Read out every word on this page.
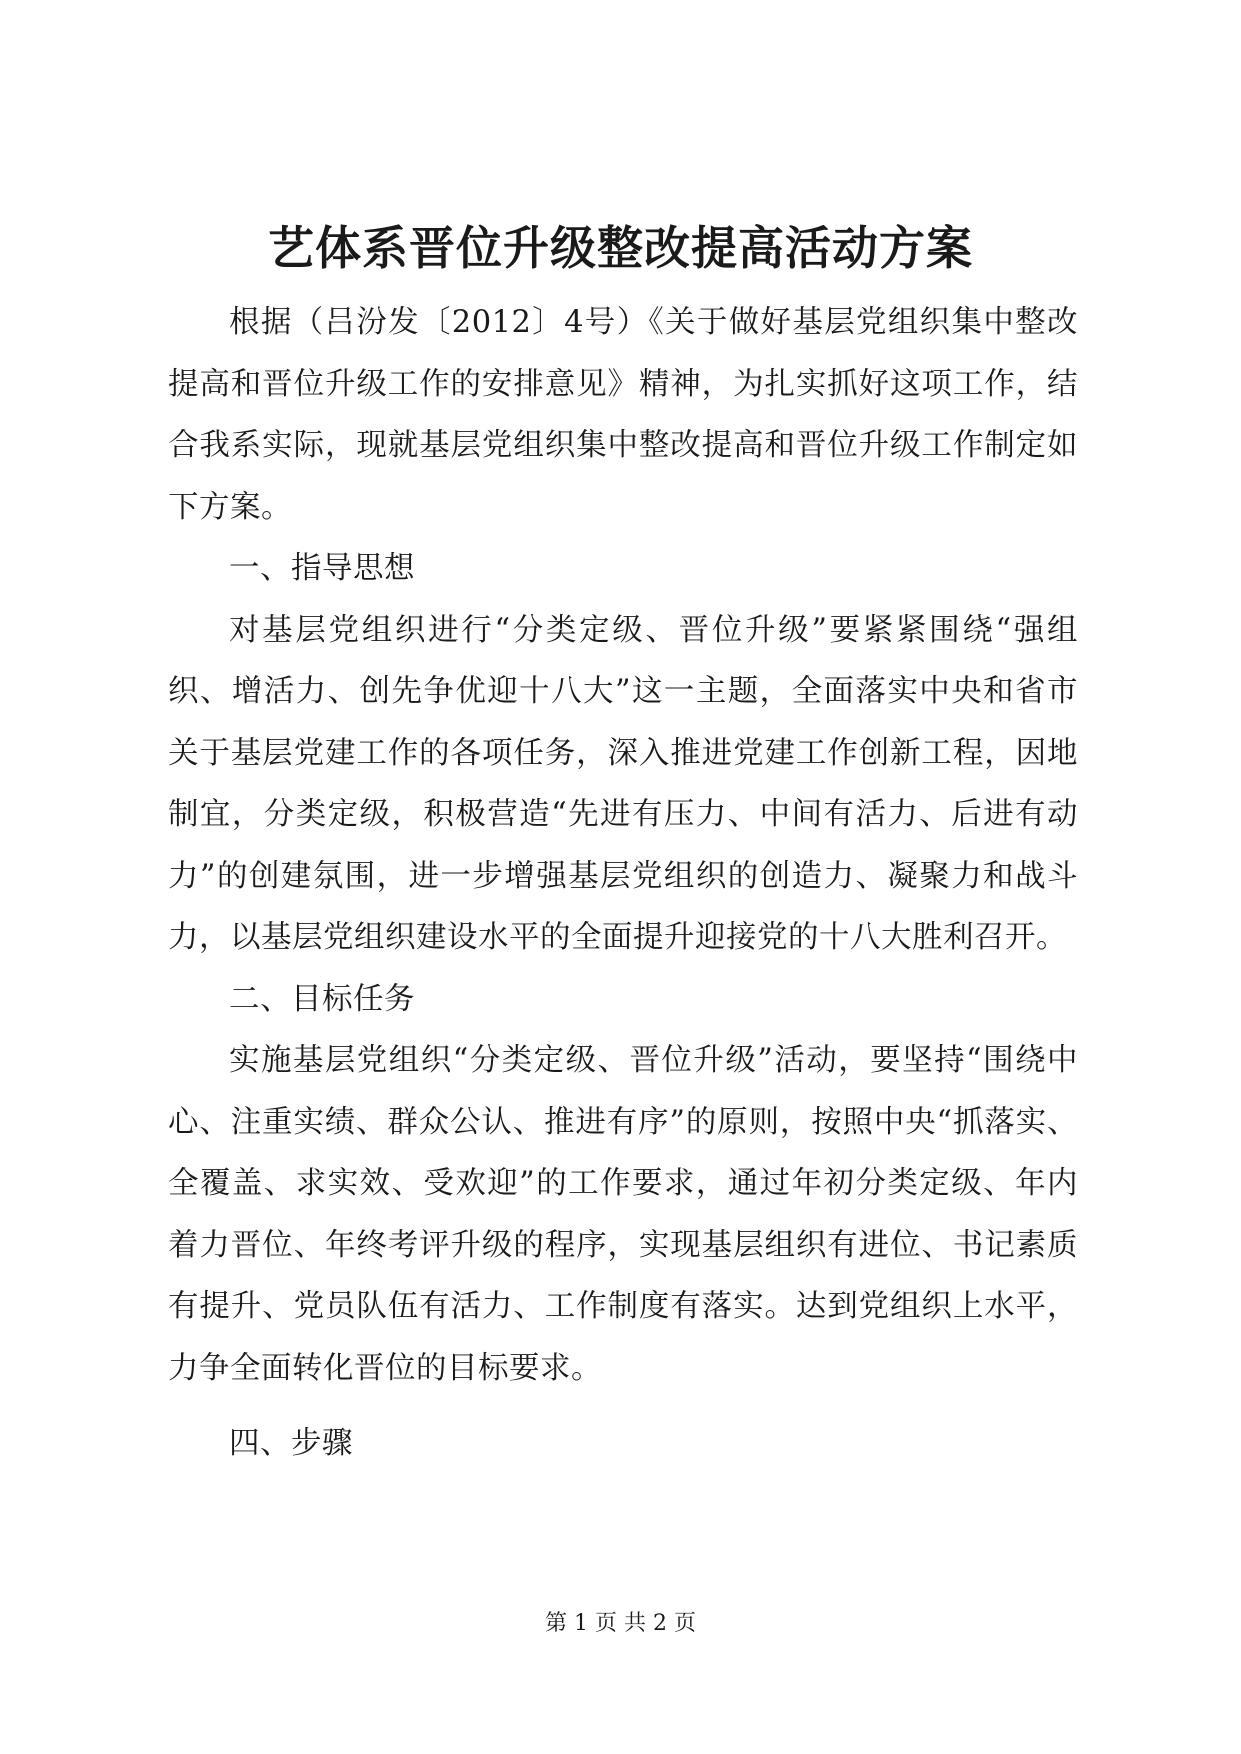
艺体系晋位升级整改提高活动方案

根据（吕汾发〔2012〕4号）《关于做好基层党组织集中整改提高和晋位升级工作的安排意见》精神，为扎实抓好这项工作，结合我系实际，现就基层党组织集中整改提高和晋位升级工作制定如下方案。

一、指导思想

对基层党组织进行“分类定级、晋位升级”要紧紧围绕“强组织、增活力、创先争优迎十八大”这一主题，全面落实中央和省市关于基层党建工作的各项任务，深入推进党建工作创新工程，因地制宜，分类定级，积极营造“先进有压力、中间有活力、后进有动力”的创建氛围，进一步增强基层党组织的创造力、凝聚力和战斗力，以基层党组织建设水平的全面提升迎接党的十八大胜利召开。

二、目标任务

实施基层党组织“分类定级、晋位升级”活动，要坚持“围绕中心、注重实绩、群众公认、推进有序”的原则，按照中央“抓落实、全覆盖、求实效、受欢迎”的工作要求，通过年初分类定级、年内着力晋位、年终考评升级的程序，实现基层组织有进位、书记素质有提升、党员队伍有活力、工作制度有落实。达到党组织上水平，力争全面转化晋位的目标要求。

四、步骤

第 1 页 共 2 页
